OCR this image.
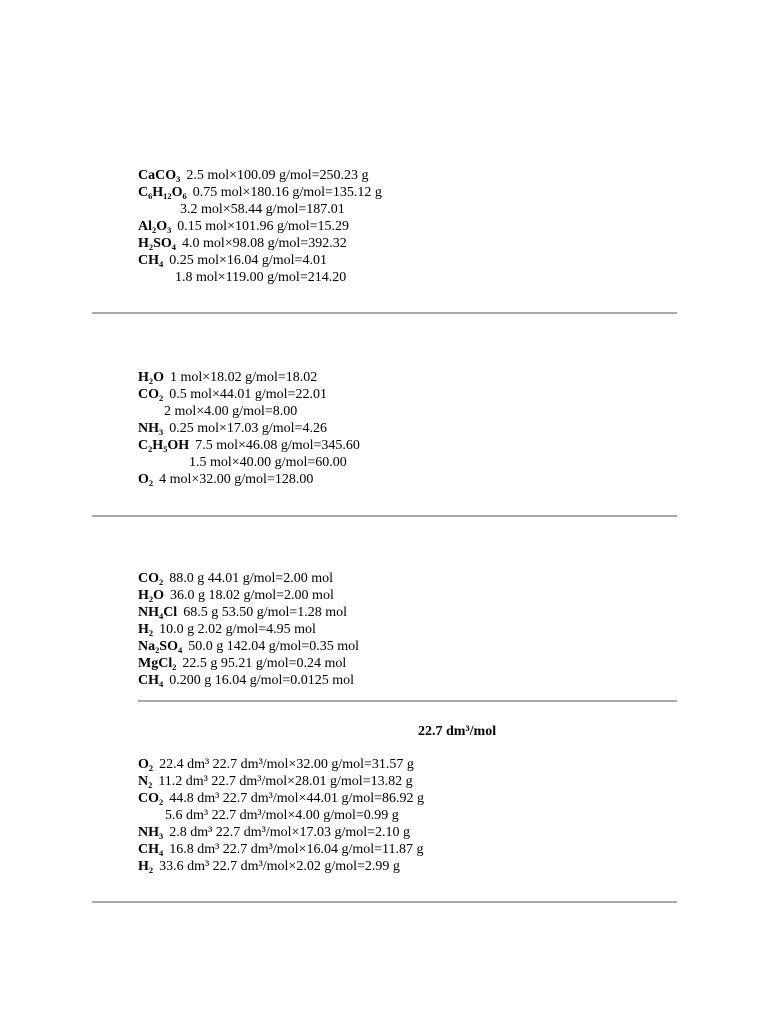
CaCO₃ 2.5 mol×100.09 g/mol=250.23 g
C₆H₁₂O₆ 0.75 mol×180.16 g/mol=135.12 g
3.2 mol×58.44 g/mol=187.01
Al₂O₃ 0.15 mol×101.96 g/mol=15.29
H₂SO₄ 4.0 mol×98.08 g/mol=392.32
CH₄ 0.25 mol×16.04 g/mol=4.01
1.8 mol×119.00 g/mol=214.20
H₂O 1 mol×18.02 g/mol=18.02
CO₂ 0.5 mol×44.01 g/mol=22.01
2 mol×4.00 g/mol=8.00
NH₃ 0.25 mol×17.03 g/mol=4.26
C₂H₅OH 7.5 mol×46.08 g/mol=345.60
1.5 mol×40.00 g/mol=60.00
O₂ 4 mol×32.00 g/mol=128.00
CO₂ 88.0 g 44.01 g/mol=2.00 mol
H₂O 36.0 g 18.02 g/mol=2.00 mol
NH₄Cl 68.5 g 53.50 g/mol=1.28 mol
H₂ 10.0 g 2.02 g/mol=4.95 mol
Na₂SO₄ 50.0 g 142.04 g/mol=0.35 mol
MgCl₂ 22.5 g 95.21 g/mol=0.24 mol
CH₄ 0.200 g 16.04 g/mol=0.0125 mol
22.7 dm³/mol
O₂ 22.4 dm³ 22.7 dm³/mol×32.00 g/mol=31.57 g
N₂ 11.2 dm³ 22.7 dm³/mol×28.01 g/mol=13.82 g
CO₂ 44.8 dm³ 22.7 dm³/mol×44.01 g/mol=86.92 g
5.6 dm³ 22.7 dm³/mol×4.00 g/mol=0.99 g
NH₃ 2.8 dm³ 22.7 dm³/mol×17.03 g/mol=2.10 g
CH₄ 16.8 dm³ 22.7 dm³/mol×16.04 g/mol=11.87 g
H₂ 33.6 dm³ 22.7 dm³/mol×2.02 g/mol=2.99 g
